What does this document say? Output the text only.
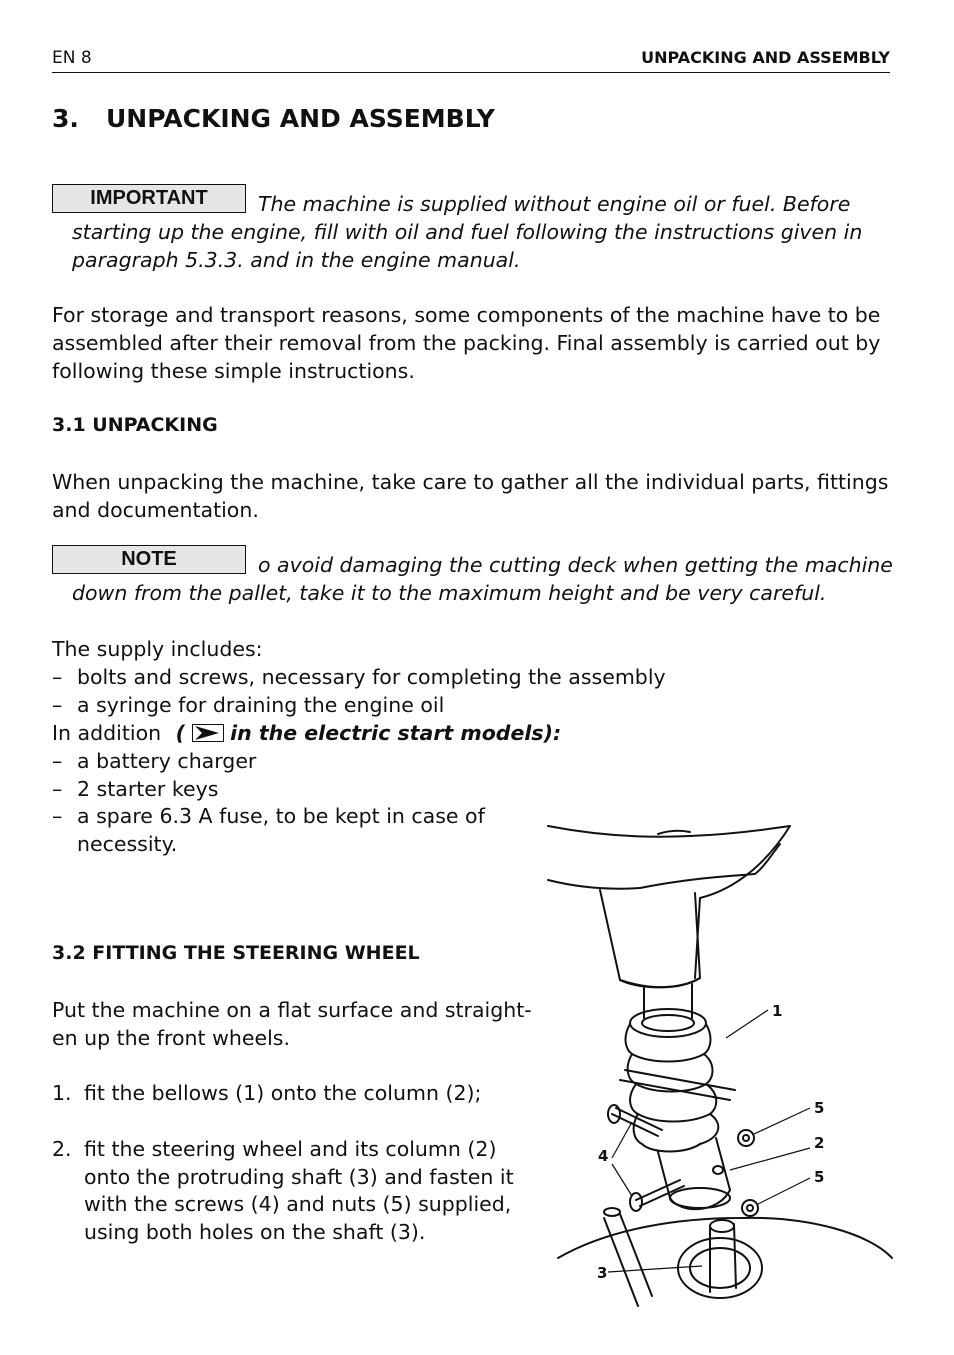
EN 8	UNPACKING AND ASSEMBLY
3. UNPACKING AND ASSEMBLY
IMPORTANT	The machine is supplied without engine oil or fuel. Before
starting up the engine, fill with oil and fuel following the instructions given in
paragraph 5.3.3. and in the engine manual.
For storage and transport reasons, some components of the machine have to be
assembled after their removal from the packing. Final assembly is carried out by
following these simple instructions.
3.1 UNPACKING
When unpacking the machine, take care to gather all the individual parts, fittings
and documentation.
NOTE	o avoid damaging the cutting deck when getting the machine
down from the pallet, take it to the maximum height and be very careful.
The supply includes:
– bolts and screws, necessary for completing the assembly
– a syringe for draining the engine oil
In addition ( in the electric start models):
– a battery charger
– 2 starter keys
– a spare 6.3 A fuse, to be kept in case of
necessity.
3.2 FITTING THE STEERING WHEEL
Put the machine on a flat surface and straight-
en up the front wheels.
1. fit the bellows (1) onto the column (2);
2. fit the steering wheel and its column (2)
onto the protruding shaft (3) and fasten it
with the screws (4) and nuts (5) supplied,
using both holes on the shaft (3).
1
5
2
5
4
3
